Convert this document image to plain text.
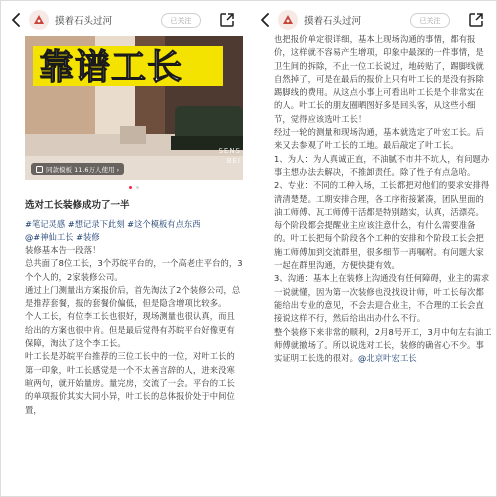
摸着石头过河	已关注
靠谱工长
SENS
BEI
同款模板 11.6万人使用 ›
选对工长装修成功了一半
#笔记灵感 #想记录下此刻 #这个模板有点东西
@#神仙工长 #装修

装修基本告一段落！

总共面了8位工长，3个苏皖平台的，一个高老庄平台的，3个个人的，2家装修公司。

通过上门测量出方案报价后，首先淘汰了2个装修公司，总是推荐套餐，报的套餐价偏低，但是隐含增项比较多。

个人工长，有位李工长也很好，现场测量也很认真，而且给出的方案也很中肯。但是最后觉得有苏皖平台好像更有保障，淘汰了这个李工长。

叶工长是苏皖平台推荐的三位工长中的一位，对叶工长的第一印象，叶工长感觉是一个不太善言辞的人，进来没寒暄两句，就开始量房。量完房，交流了一会。平台的工长的单项报价其实大同小异，叶工长的总体报价处于中间位置，

摸着石头过河	已关注

也把报价单定很详细，基本上现场沟通的事情，都有报价，这样就不容易产生增项，印象中最深的一件事情，是卫生间的拆除，不止一位工长说过，地砖贴了，踢脚线就自然掉了，可是在最后的报价上只有叶工长的是没有拆除踢脚线的费用。从这点小事上可看出叶工长是个非常实在的人。叶工长的朋友圈晒图好多是回头客，从这些小细节，觉得应该选叶工长！

经过一轮的测量和现场沟通，基本就选定了叶宏工长。后来又去参观了叶工长的工地。最后敲定了叶工长。

1、为人：为人真诚正直，不油腻不市井不坑人，有问题办事主想办法去解决，不推卸责任。除了性子有点急哈。

2、专业：不同的工种入场，工长都把对他们的要求安排得清清楚楚。工期安排合理，各工序衔接紧凑，团队里面的油工师傅、瓦工师傅干活都是特别踏实，认真，活漂亮。每个阶段都会提醒业主应该注意什么，有什么需要准备的。叶工长把每个阶段各个工种的安排和个阶段工长会把施工师傅加到交流群里，很多细节一再嘱咐。有问题大家一起在群里沟通，方便快捷有效。

3、沟通：基本上在装修上沟通没有任何障碍，业主的需求一说就懂，因为第一次装修也没找设计师，叶工长每次都能给出专业的意见，不会去迎合业主，不合理的工长会直接说这样不行，然后给出出办什么不行。

整个装修下来非常的顺利，2月8号开工，3月中旬左右油工师傅就撤场了。所以说选对工长，装修的确省心不少。事实证明工长选的很对。@北京叶宏工长
